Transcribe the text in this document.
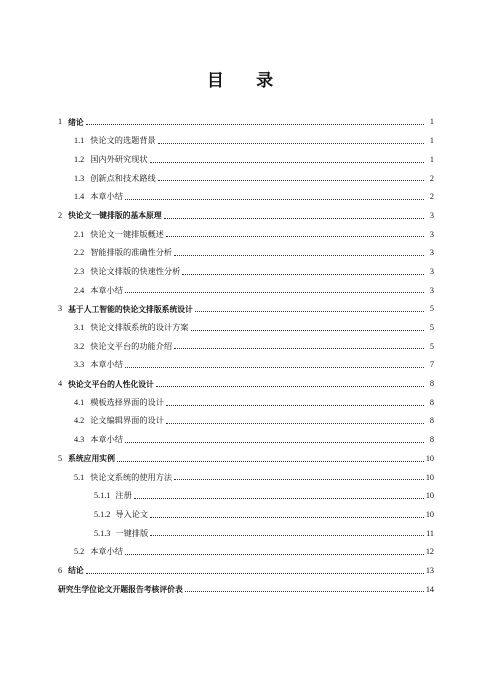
目 录
1 绪论	1
1.1 快论文的选题背景	1
1.2 国内外研究现状	1
1.3 创新点和技术路线	2
1.4 本章小结	2
2 快论文一键排版的基本原理	3
2.1 快论文一键排版概述	3
2.2 智能排版的准确性分析	3
2.3 快论文排版的快速性分析	3
2.4 本章小结	3
3 基于人工智能的快论文排版系统设计	5
3.1 快论文排版系统的设计方案	5
3.2 快论文平台的功能介绍	5
3.3 本章小结	7
4 快论文平台的人性化设计	8
4.1 模板选择界面的设计	8
4.2 论文编辑界面的设计	8
4.3 本章小结	8
5 系统应用实例	10
5.1 快论文系统的使用方法	10
5.1.1 注册	10
5.1.2 导入论文	10
5.1.3 一键排版	11
5.2 本章小结	12
6 结论	13
研究生学位论文开题报告考核评价表	14
